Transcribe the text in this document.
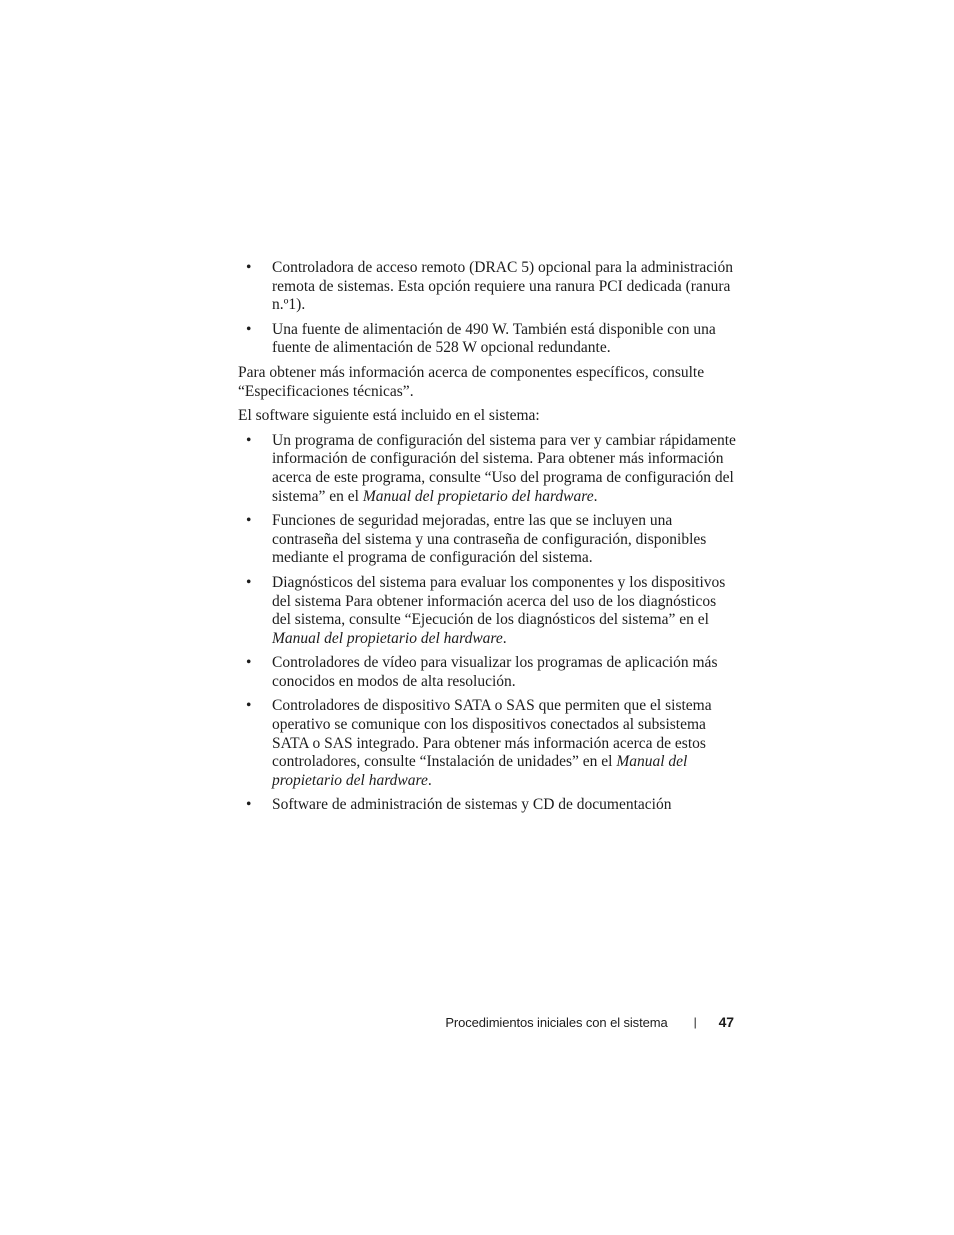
• Controladora de acceso remoto (DRAC 5) opcional para la administración remota de sistemas. Esta opción requiere una ranura PCI dedicada (ranura n.º1).
• Una fuente de alimentación de 490 W. También está disponible con una fuente de alimentación de 528 W opcional redundante.

Para obtener más información acerca de componentes específicos, consulte “Especificaciones técnicas”.

El software siguiente está incluido en el sistema:

• Un programa de configuración del sistema para ver y cambiar rápidamente información de configuración del sistema. Para obtener más información acerca de este programa, consulte “Uso del programa de configuración del sistema” en el Manual del propietario del hardware.
• Funciones de seguridad mejoradas, entre las que se incluyen una contraseña del sistema y una contraseña de configuración, disponibles mediante el programa de configuración del sistema.
• Diagnósticos del sistema para evaluar los componentes y los dispositivos del sistema Para obtener información acerca del uso de los diagnósticos del sistema, consulte “Ejecución de los diagnósticos del sistema” en el Manual del propietario del hardware.
• Controladores de vídeo para visualizar los programas de aplicación más conocidos en modos de alta resolución.
• Controladores de dispositivo SATA o SAS que permiten que el sistema operativo se comunique con los dispositivos conectados al subsistema SATA o SAS integrado. Para obtener más información acerca de estos controladores, consulte “Instalación de unidades” en el Manual del propietario del hardware.
• Software de administración de sistemas y CD de documentación
Procedimientos iniciales con el sistema | 47
